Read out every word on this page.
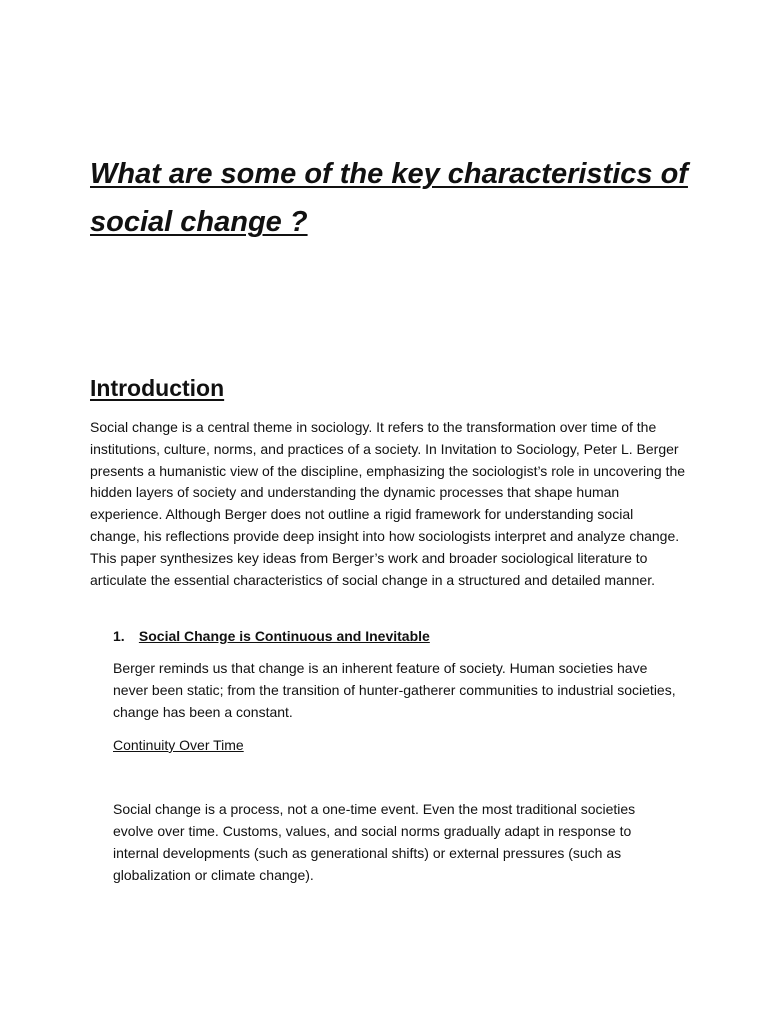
What are some of the key characteristics of social change ?
Introduction

Social change is a central theme in sociology. It refers to the transformation over time of the institutions, culture, norms, and practices of a society. In Invitation to Sociology, Peter L. Berger presents a humanistic view of the discipline, emphasizing the sociologist’s role in uncovering the hidden layers of society and understanding the dynamic processes that shape human experience. Although Berger does not outline a rigid framework for understanding social change, his reflections provide deep insight into how sociologists interpret and analyze change. This paper synthesizes key ideas from Berger’s work and broader sociological literature to articulate the essential characteristics of social change in a structured and detailed manner.

1. Social Change is Continuous and Inevitable

Berger reminds us that change is an inherent feature of society. Human societies have never been static; from the transition of hunter-gatherer communities to industrial societies, change has been a constant.

Continuity Over Time

Social change is a process, not a one-time event. Even the most traditional societies evolve over time. Customs, values, and social norms gradually adapt in response to internal developments (such as generational shifts) or external pressures (such as globalization or climate change).
